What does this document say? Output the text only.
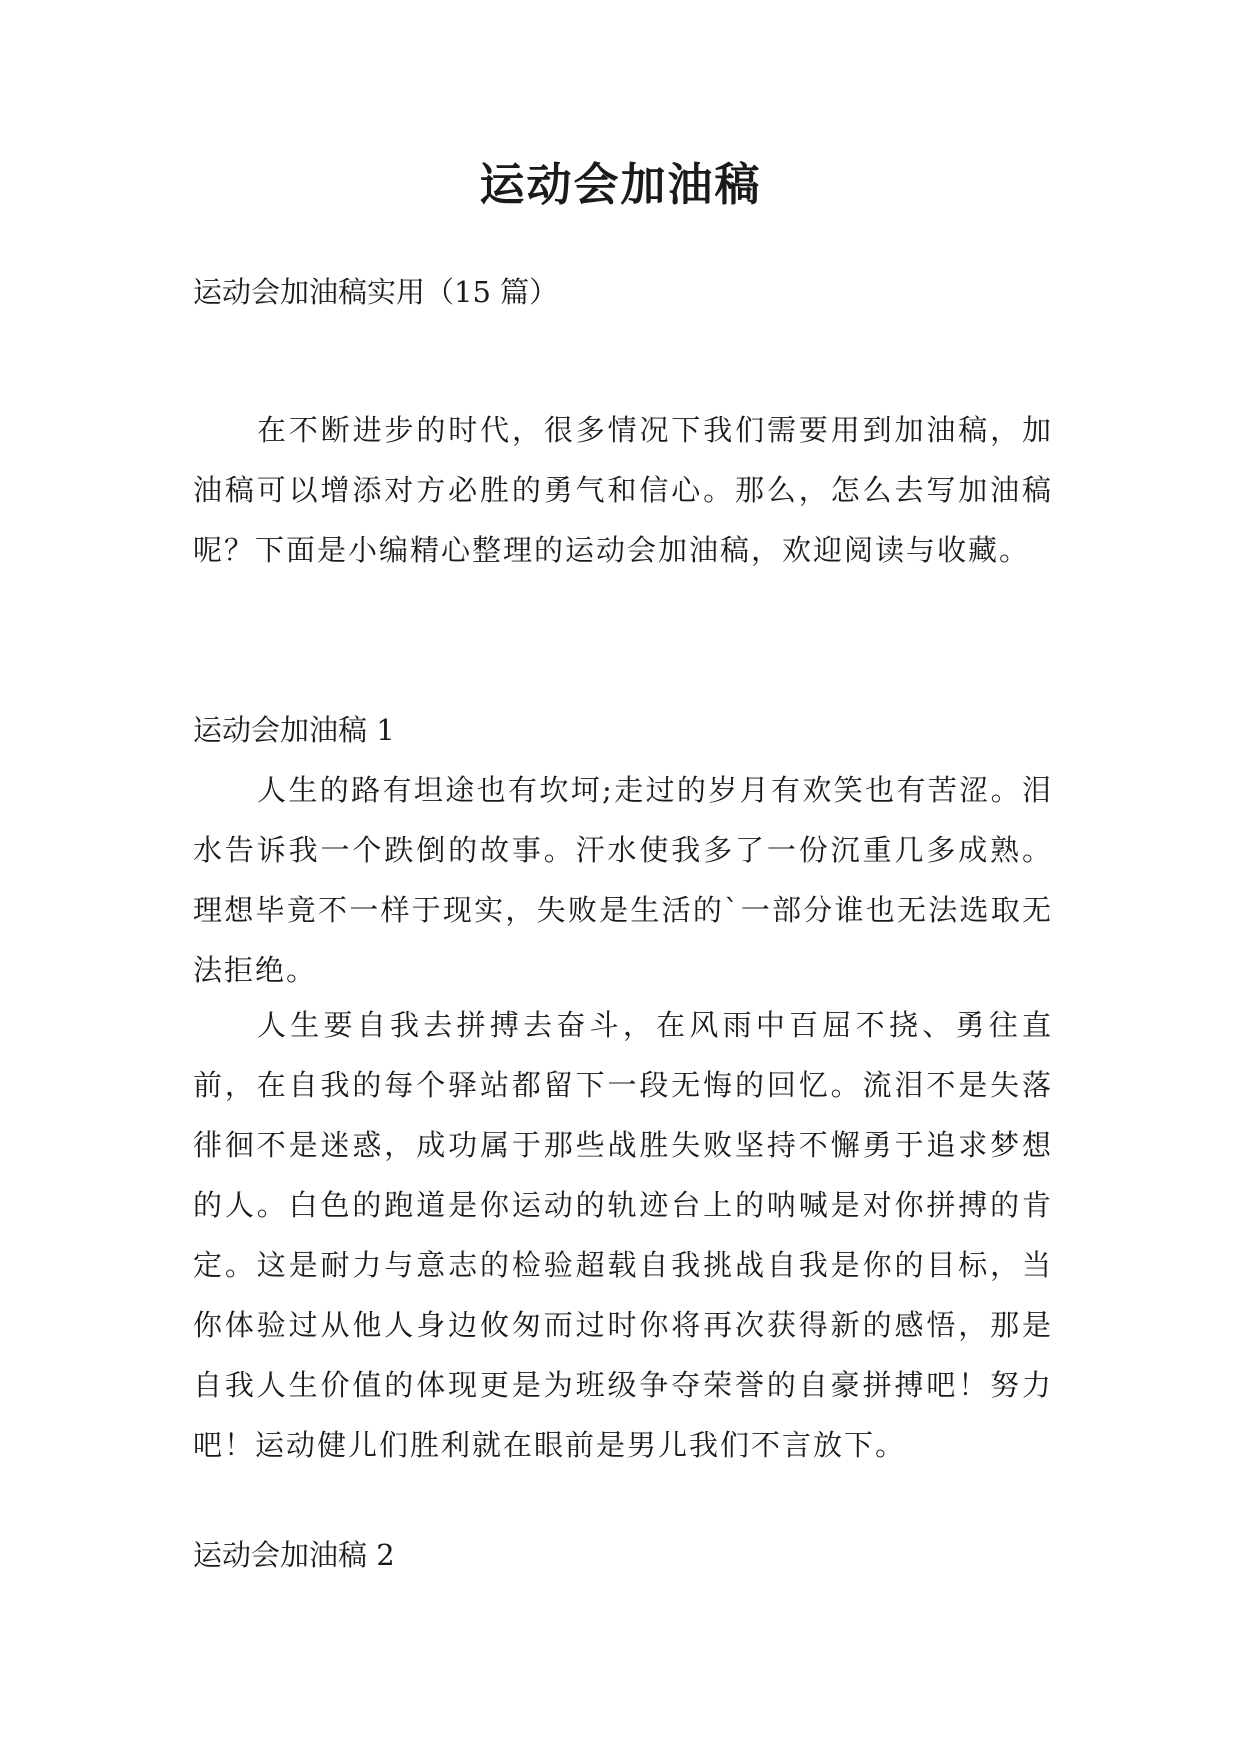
运动会加油稿

运动会加油稿实用（15 篇）

在不断进步的时代，很多情况下我们需要用到加油稿，加油稿可以增添对方必胜的勇气和信心。那么，怎么去写加油稿呢？下面是小编精心整理的运动会加油稿，欢迎阅读与收藏。

运动会加油稿 1

人生的路有坦途也有坎坷;走过的岁月有欢笑也有苦涩。泪水告诉我一个跌倒的故事。汗水使我多了一份沉重几多成熟。理想毕竟不一样于现实，失败是生活的`一部分谁也无法选取无法拒绝。

人生要自我去拼搏去奋斗，在风雨中百屈不挠、勇往直前，在自我的每个驿站都留下一段无悔的回忆。流泪不是失落徘徊不是迷惑，成功属于那些战胜失败坚持不懈勇于追求梦想的人。白色的跑道是你运动的轨迹台上的呐喊是对你拼搏的肯定。这是耐力与意志的检验超载自我挑战自我是你的目标，当你体验过从他人身边攸匆而过时你将再次获得新的感悟，那是自我人生价值的体现更是为班级争夺荣誉的自豪拼搏吧！努力吧！运动健儿们胜利就在眼前是男儿我们不言放下。

运动会加油稿 2
